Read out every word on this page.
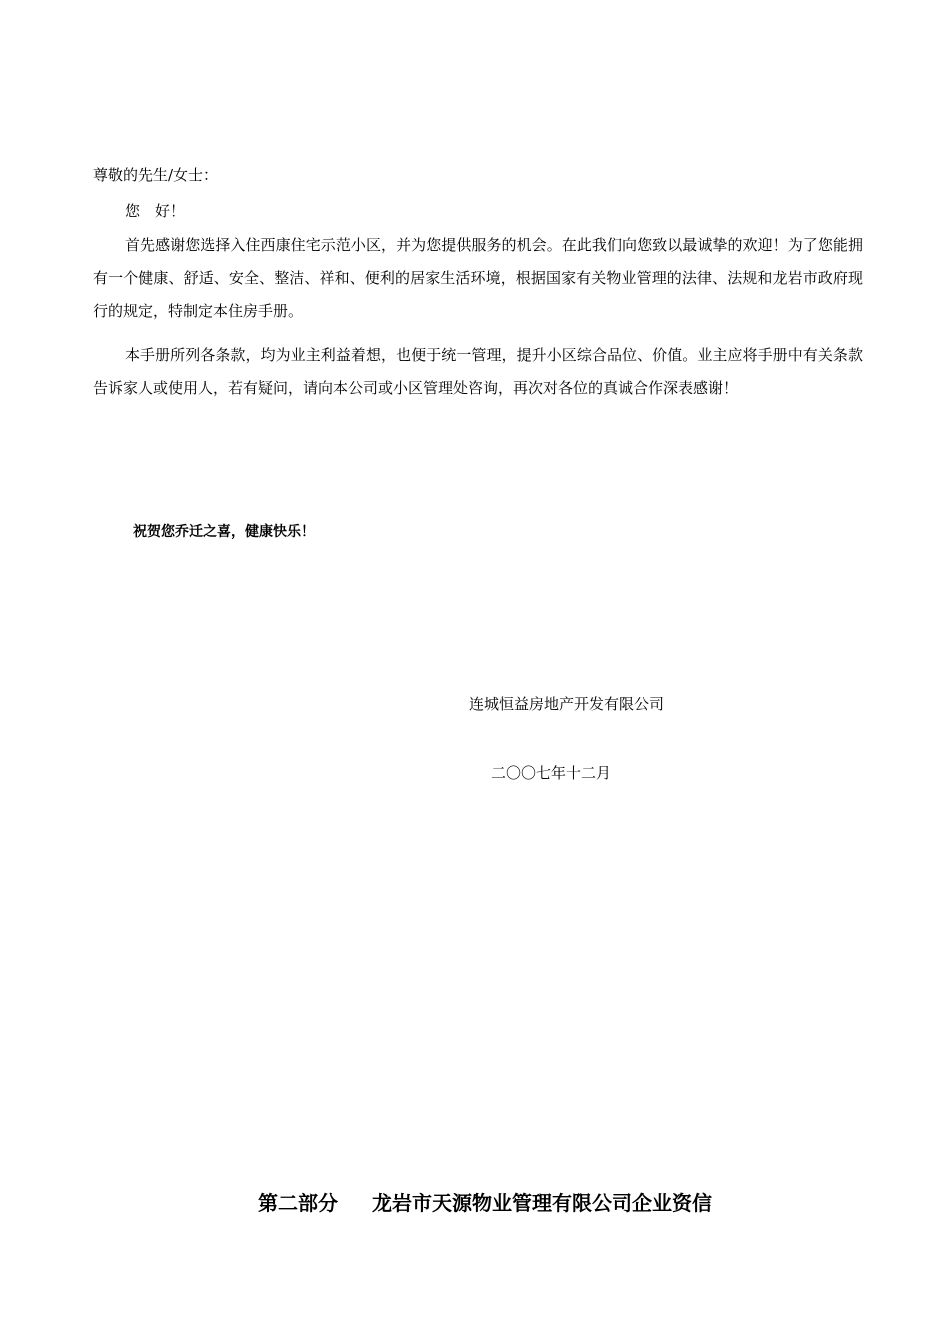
尊敬的先生/女士：
您　好！

首先感谢您选择入住西康住宅示范小区，并为您提供服务的机会。在此我们向您致以最诚挚的欢迎！为了您能拥有一个健康、舒适、安全、整洁、祥和、便利的居家生活环境，根据国家有关物业管理的法律、法规和龙岩市政府现行的规定，特制定本住房手册。

本手册所列各条款，均为业主利益着想，也便于统一管理，提升小区综合品位、价值。业主应将手册中有关条款告诉家人或使用人，若有疑问，请向本公司或小区管理处咨询，再次对各位的真诚合作深表感谢！

祝贺您乔迁之喜，健康快乐！
连城恒益房地产开发有限公司
二〇〇七年十二月
第二部分 龙岩市天源物业管理有限公司企业资信
